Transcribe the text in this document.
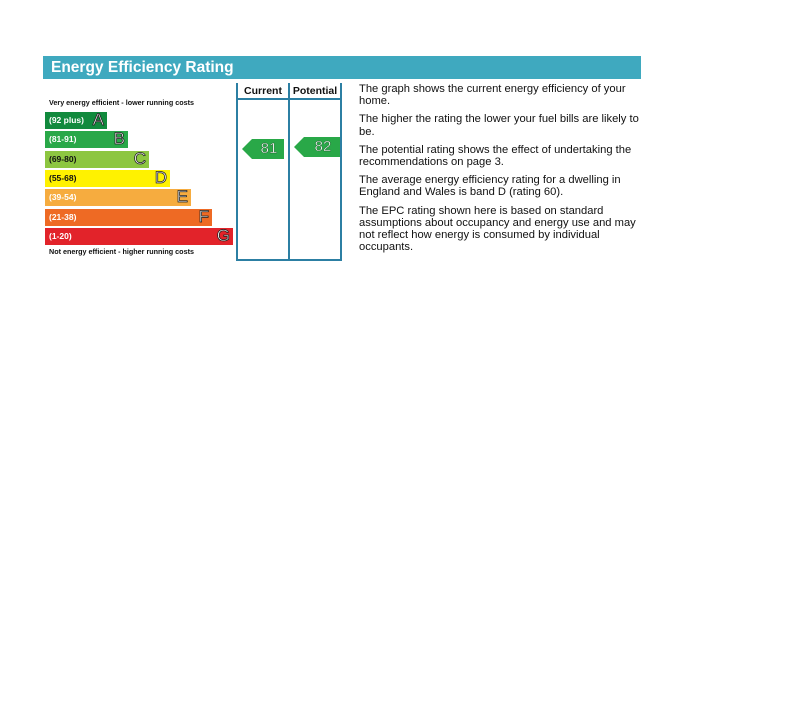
Energy Efficiency Rating
Very energy efficient - lower running costs
Not energy efficient - higher running costs
Current	Potential
(92 plus) A
(81-91) B
(69-80)	C
(55-68)	D
(39-54)	E
(21-38)	F
(1-20)	G
81	82

The graph shows the current energy efficiency of your home.

The higher the rating the lower your fuel bills are likely to be.

The potential rating shows the effect of undertaking the recommendations on page 3.

The average energy efficiency rating for a dwelling in England and Wales is band D (rating 60).

The EPC rating shown here is based on standard assumptions about occupancy and energy use and may not reflect how energy is consumed by individual occupants.
